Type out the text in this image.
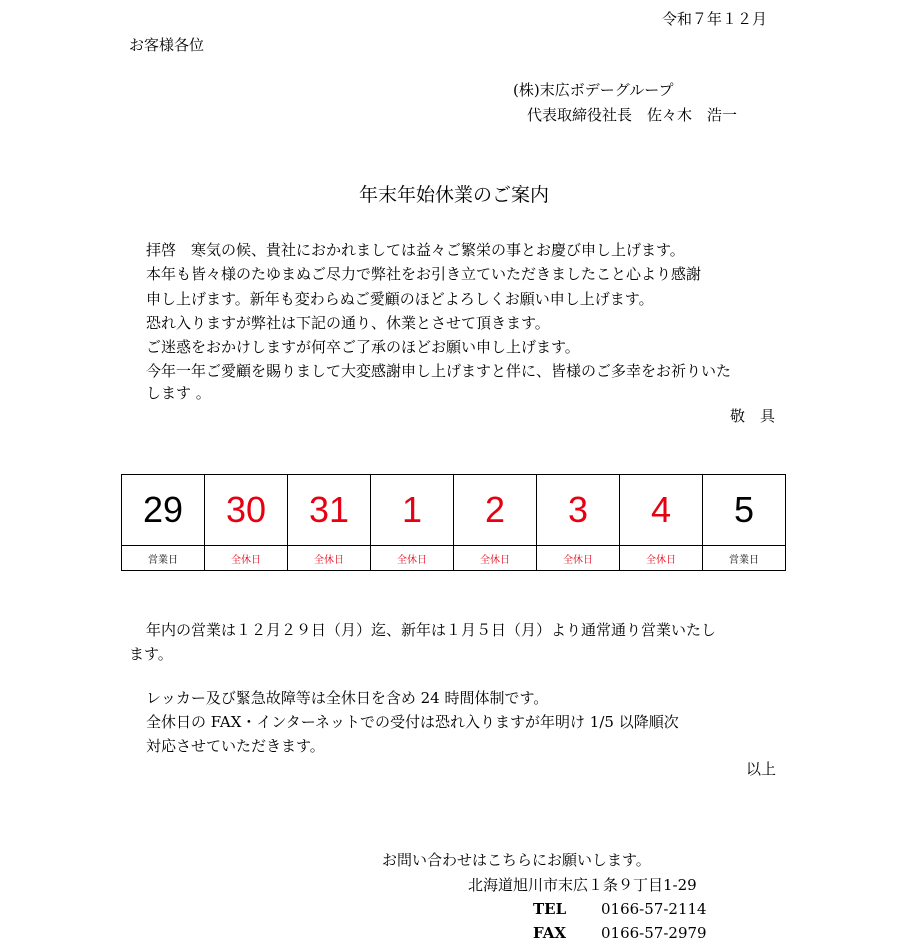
令和７年１２月
お客様各位
(株)末広ボデーグループ
代表取締役社長　佐々木　浩一
年末年始休業のご案内
拝啓　寒気の候、貴社におかれましては益々ご繁栄の事とお慶び申し上げます。
本年も皆々様のたゆまぬご尽力で弊社をお引き立ていただきましたこと心より感謝
申し上げます。新年も変わらぬご愛顧のほどよろしくお願い申し上げます。
恐れ入りますが弊社は下記の通り、休業とさせて頂きます。
ご迷惑をおかけしますが何卒ご了承のほどお願い申し上げます。
今年一年ご愛顧を賜りまして大変感謝申し上げますと伴に、皆様のご多幸をお祈りいた
します 。
敬　具
29	30	31	1	2	3	4	5
営業日	全休日	全休日	全休日	全休日	全休日	全休日	営業日
年内の営業は１２月２９日（月）迄、新年は１月５日（月）より通常通り営業いたし
ます。
レッカー及び緊急故障等は全休日を含め 24 時間体制です。
全休日の FAX・インターネットでの受付は恐れ入りますが年明け 1/5 以降順次
対応させていただきます。
以上
お問い合わせはこちらにお願いします。
北海道旭川市末広１条９丁目1-29
TEL 0166-57-2114
FAX 0166-57-2979
